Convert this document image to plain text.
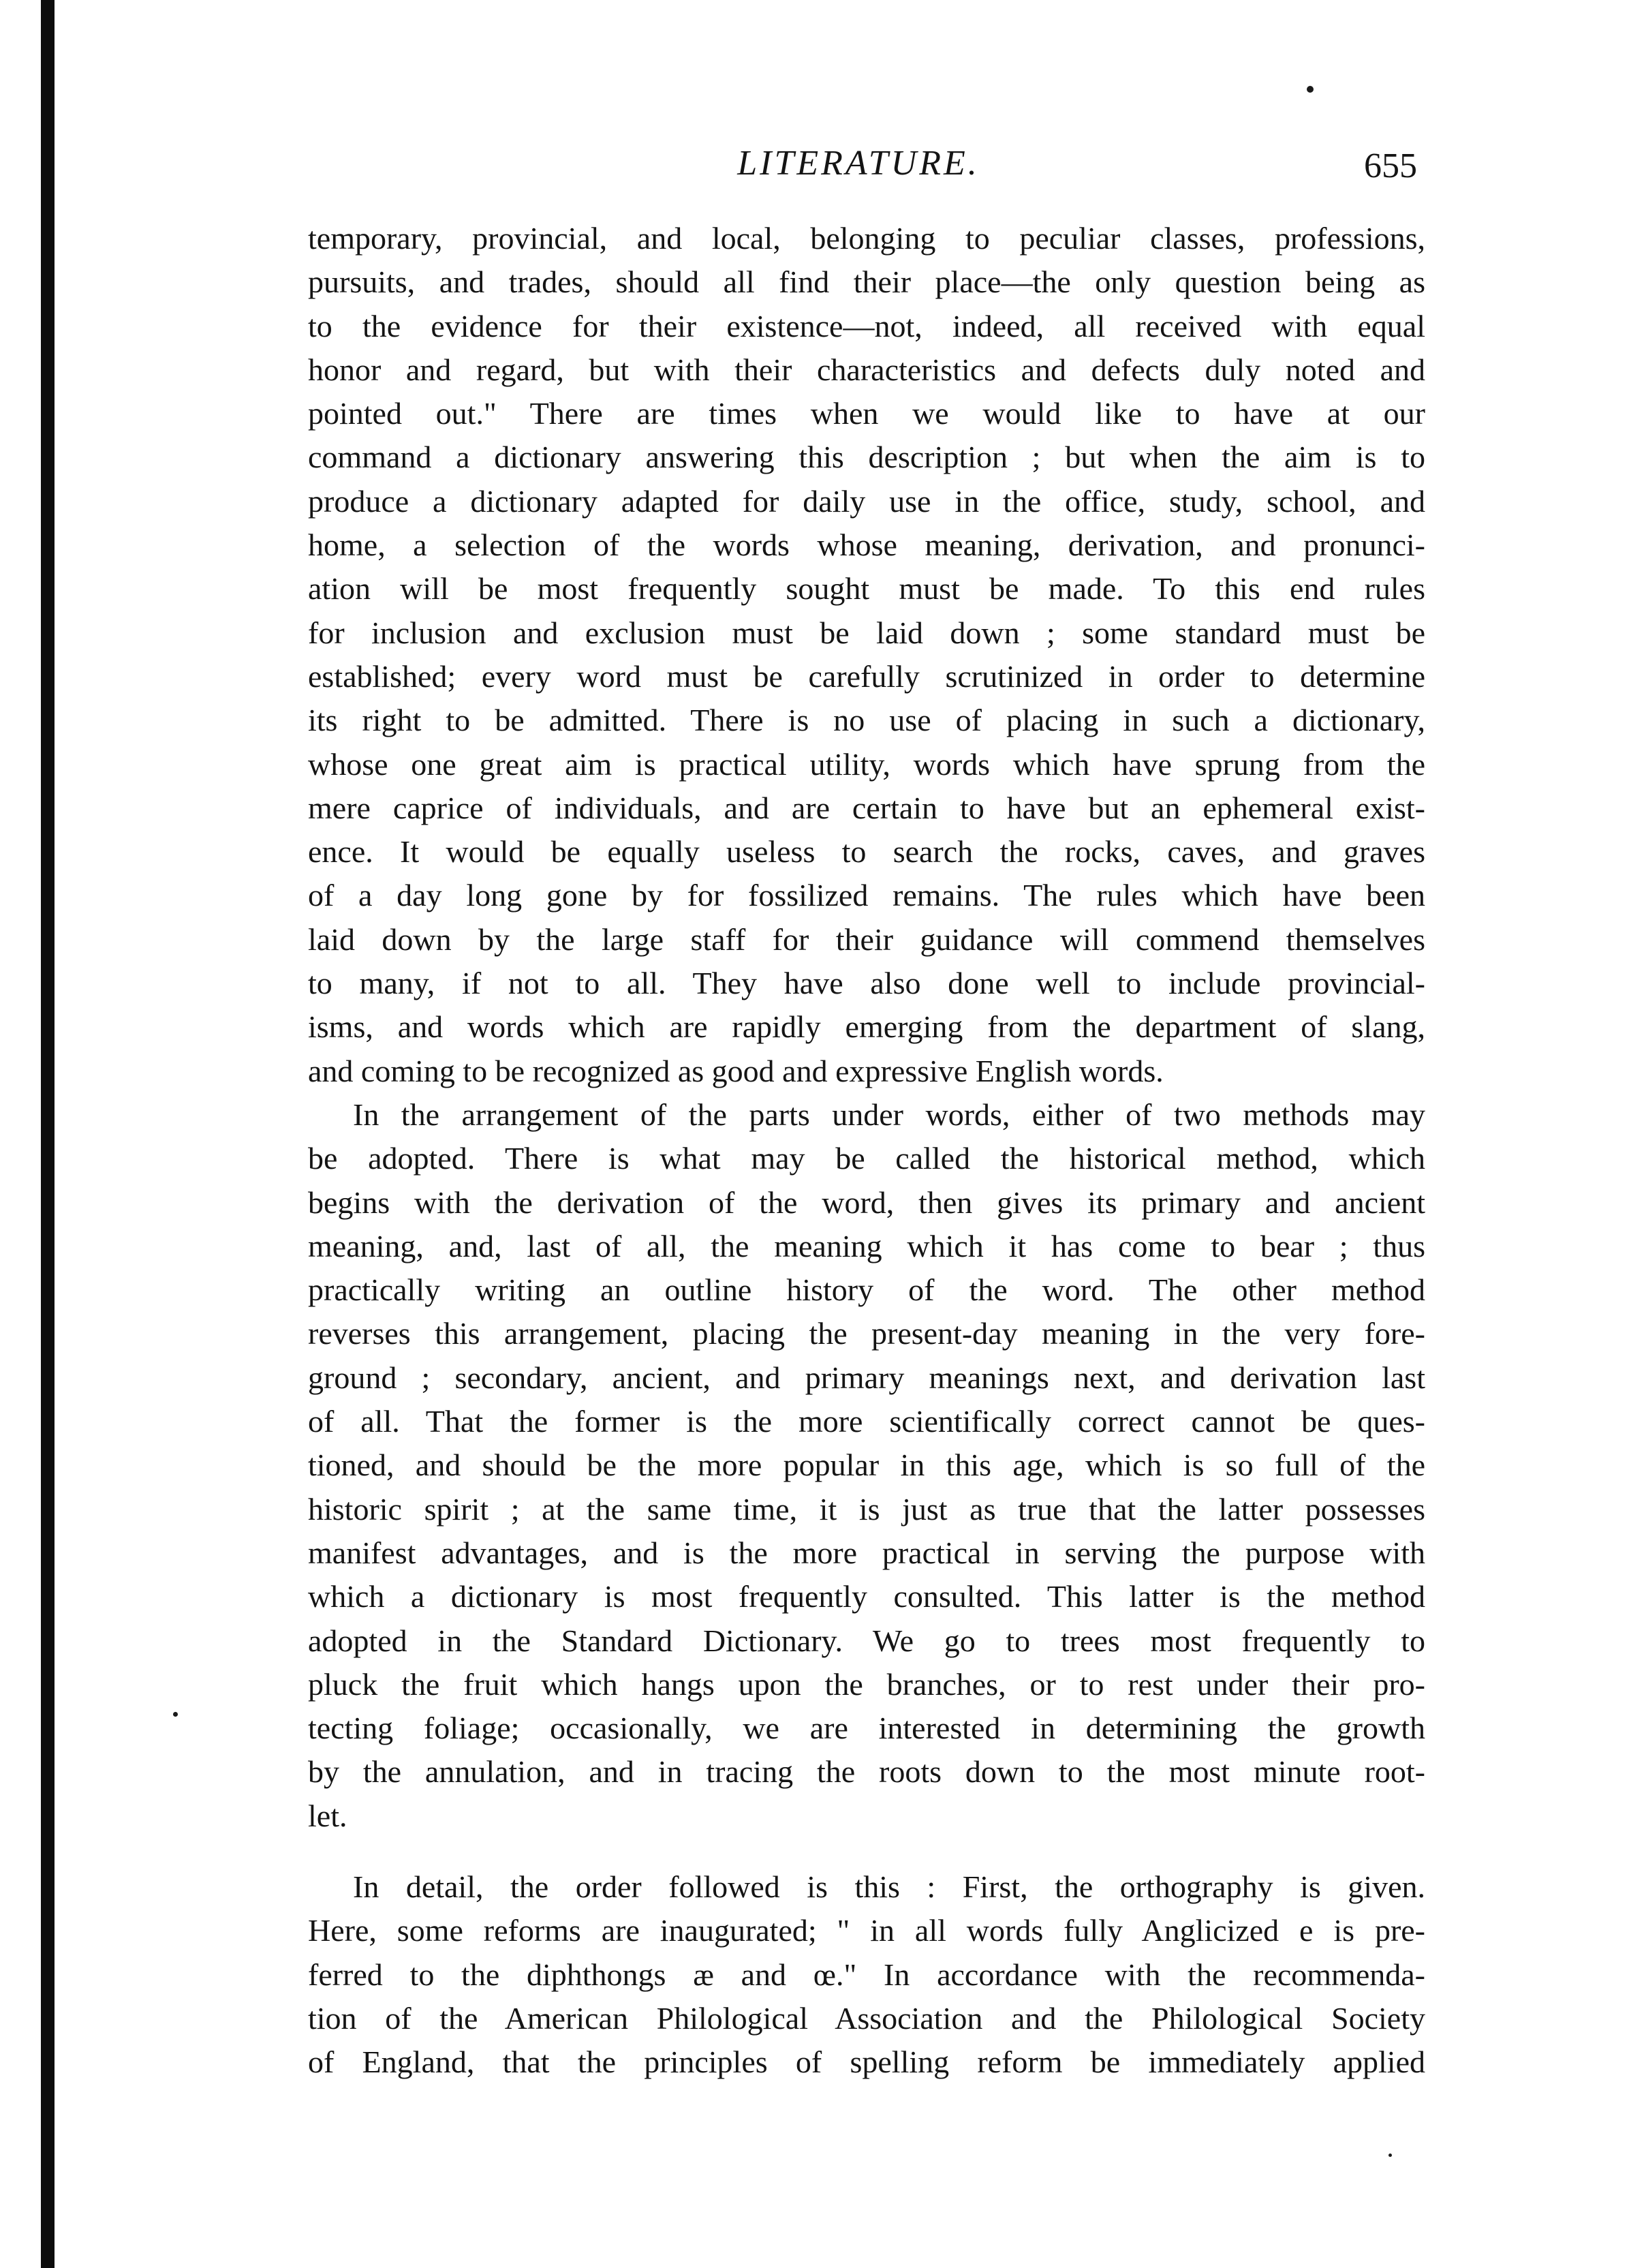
LITERATURE.	655
temporary, provincial, and local, belonging to peculiar classes, professions,
pursuits, and trades, should all find their place—the only question being as
to the evidence for their existence—not, indeed, all received with equal
honor and regard, but with their characteristics and defects duly noted and
pointed out." There are times when we would like to have at our
command a dictionary answering this description ; but when the aim is to
produce a dictionary adapted for daily use in the office, study, school, and
home, a selection of the words whose meaning, derivation, and pronunci-
ation will be most frequently sought must be made. To this end rules
for inclusion and exclusion must be laid down ; some standard must be
established; every word must be carefully scrutinized in order to determine
its right to be admitted. There is no use of placing in such a dictionary,
whose one great aim is practical utility, words which have sprung from the
mere caprice of individuals, and are certain to have but an ephemeral exist-
ence. It would be equally useless to search the rocks, caves, and graves
of a day long gone by for fossilized remains. The rules which have been
laid down by the large staff for their guidance will commend themselves
to many, if not to all. They have also done well to include provincial-
isms, and words which are rapidly emerging from the department of slang,
and coming to be recognized as good and expressive English words.
In the arrangement of the parts under words, either of two methods may
be adopted. There is what may be called the historical method, which
begins with the derivation of the word, then gives its primary and ancient
meaning, and, last of all, the meaning which it has come to bear ; thus
practically writing an outline history of the word. The other method
reverses this arrangement, placing the present-day meaning in the very fore-
ground ; secondary, ancient, and primary meanings next, and derivation last
of all. That the former is the more scientifically correct cannot be ques-
tioned, and should be the more popular in this age, which is so full of the
historic spirit ; at the same time, it is just as true that the latter possesses
manifest advantages, and is the more practical in serving the purpose with
which a dictionary is most frequently consulted. This latter is the method
adopted in the Standard Dictionary. We go to trees most frequently to
pluck the fruit which hangs upon the branches, or to rest under their pro-
tecting foliage; occasionally, we are interested in determining the growth
by the annulation, and in tracing the roots down to the most minute root-
let.
In detail, the order followed is this : First, the orthography is given.
Here, some reforms are inaugurated; " in all words fully Anglicized e is pre-
ferred to the diphthongs æ and œ." In accordance with the recommenda-
tion of the American Philological Association and the Philological Society
of England, that the principles of spelling reform be immediately applied
